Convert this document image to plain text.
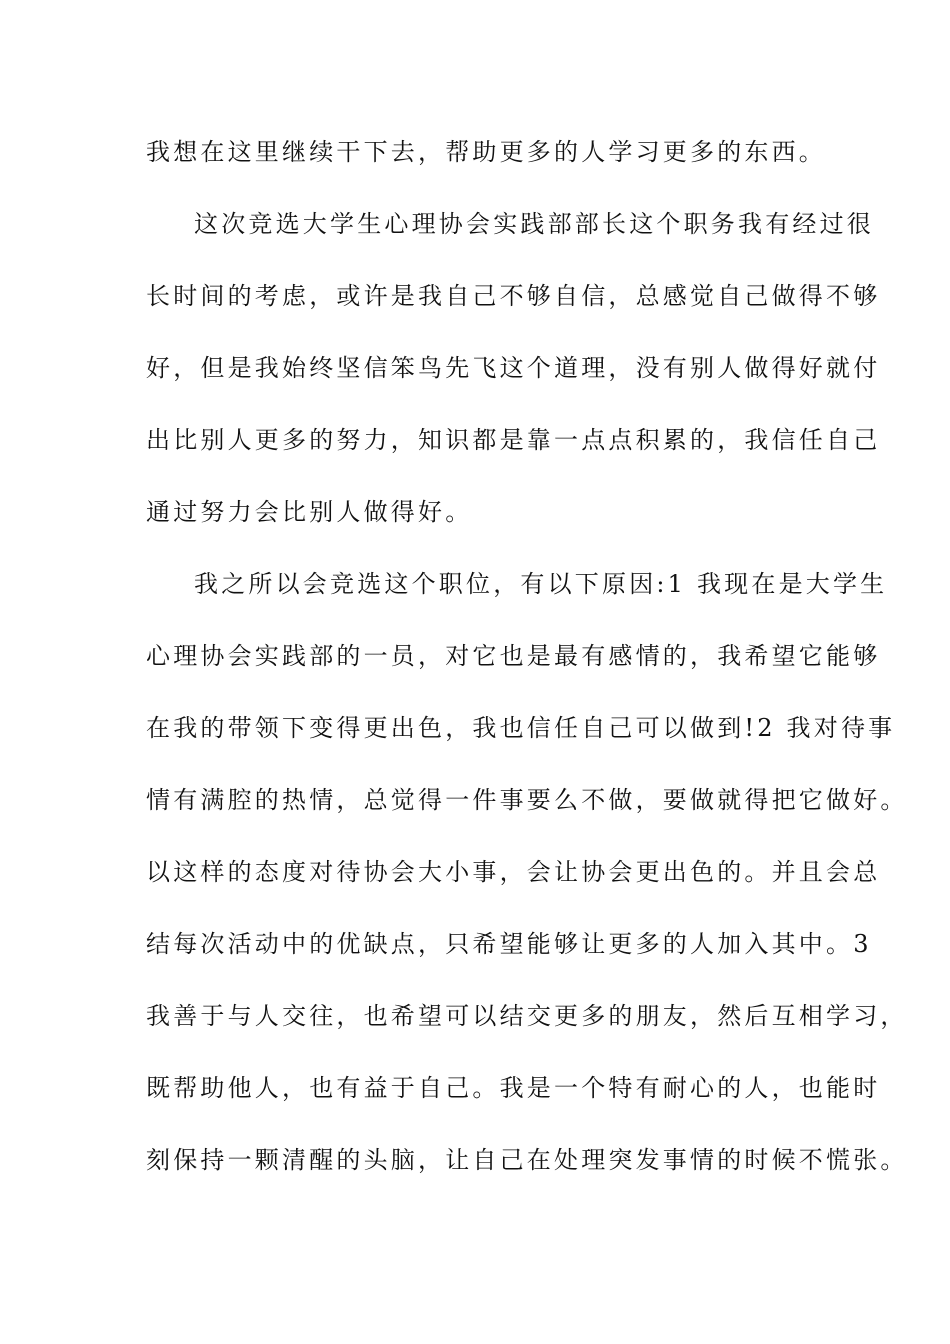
我想在这里继续干下去，帮助更多的人学习更多的东西。
这次竞选大学生心理协会实践部部长这个职务我有经过很
长时间的考虑，或许是我自己不够自信，总感觉自己做得不够
好，但是我始终坚信笨鸟先飞这个道理，没有别人做得好就付
出比别人更多的努力，知识都是靠一点点积累的，我信任自己
通过努力会比别人做得好。
我之所以会竞选这个职位，有以下原因:1 我现在是大学生
心理协会实践部的一员，对它也是最有感情的，我希望它能够
在我的带领下变得更出色，我也信任自己可以做到!2 我对待事
情有满腔的热情，总觉得一件事要么不做，要做就得把它做好。
以这样的态度对待协会大小事，会让协会更出色的。并且会总
结每次活动中的优缺点，只希望能够让更多的人加入其中。3
我善于与人交往，也希望可以结交更多的朋友，然后互相学习，
既帮助他人，也有益于自己。我是一个特有耐心的人，也能时
刻保持一颗清醒的头脑，让自己在处理突发事情的时候不慌张。
